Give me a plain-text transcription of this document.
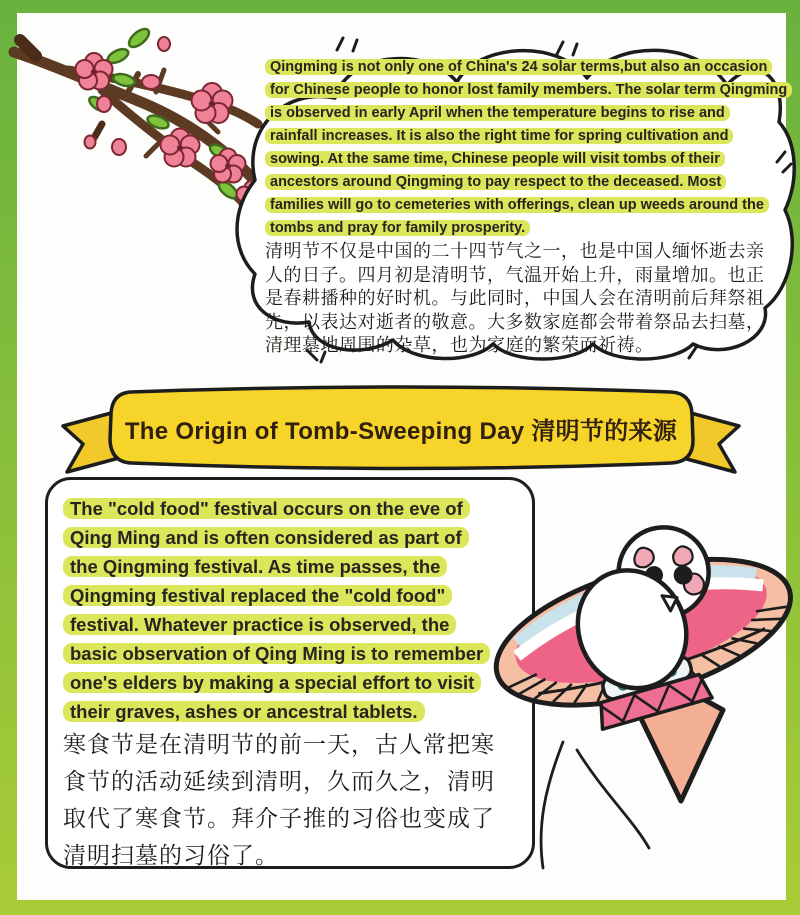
Qingming is not only one of China's 24 solar terms,but also an occasion
for Chinese people to honor lost family members. The solar term Qingming
is observed in early April when the temperature begins to rise and
rainfall increases. It is also the right time for spring cultivation and
sowing. At the same time, Chinese people will visit tombs of their
ancestors around Qingming to pay respect to the deceased. Most
families will go to cemeteries with offerings, clean up weeds around the
tombs and pray for family prosperity.
清明节不仅是中国的二十四节气之一，也是中国人缅怀逝去亲
人的日子。四月初是清明节，气温开始上升，雨量增加。也正
是春耕播种的好时机。与此同时，中国人会在清明前后拜祭祖
先，以表达对逝者的敬意。大多数家庭都会带着祭品去扫墓，
清理墓地周围的杂草，也为家庭的繁荣而祈祷。
The Origin of Tomb-Sweeping Day 清明节的来源
The "cold food" festival occurs on the eve of
Qing Ming and is often considered as part of
the Qingming festival. As time passes, the
Qingming festival replaced the "cold food"
festival. Whatever practice is observed, the
basic observation of Qing Ming is to remember
one's elders by making a special effort to visit
their graves, ashes or ancestral tablets.
寒食节是在清明节的前一天，古人常把寒
食节的活动延续到清明，久而久之，清明
取代了寒食节。拜介子推的习俗也变成了
清明扫墓的习俗了。
